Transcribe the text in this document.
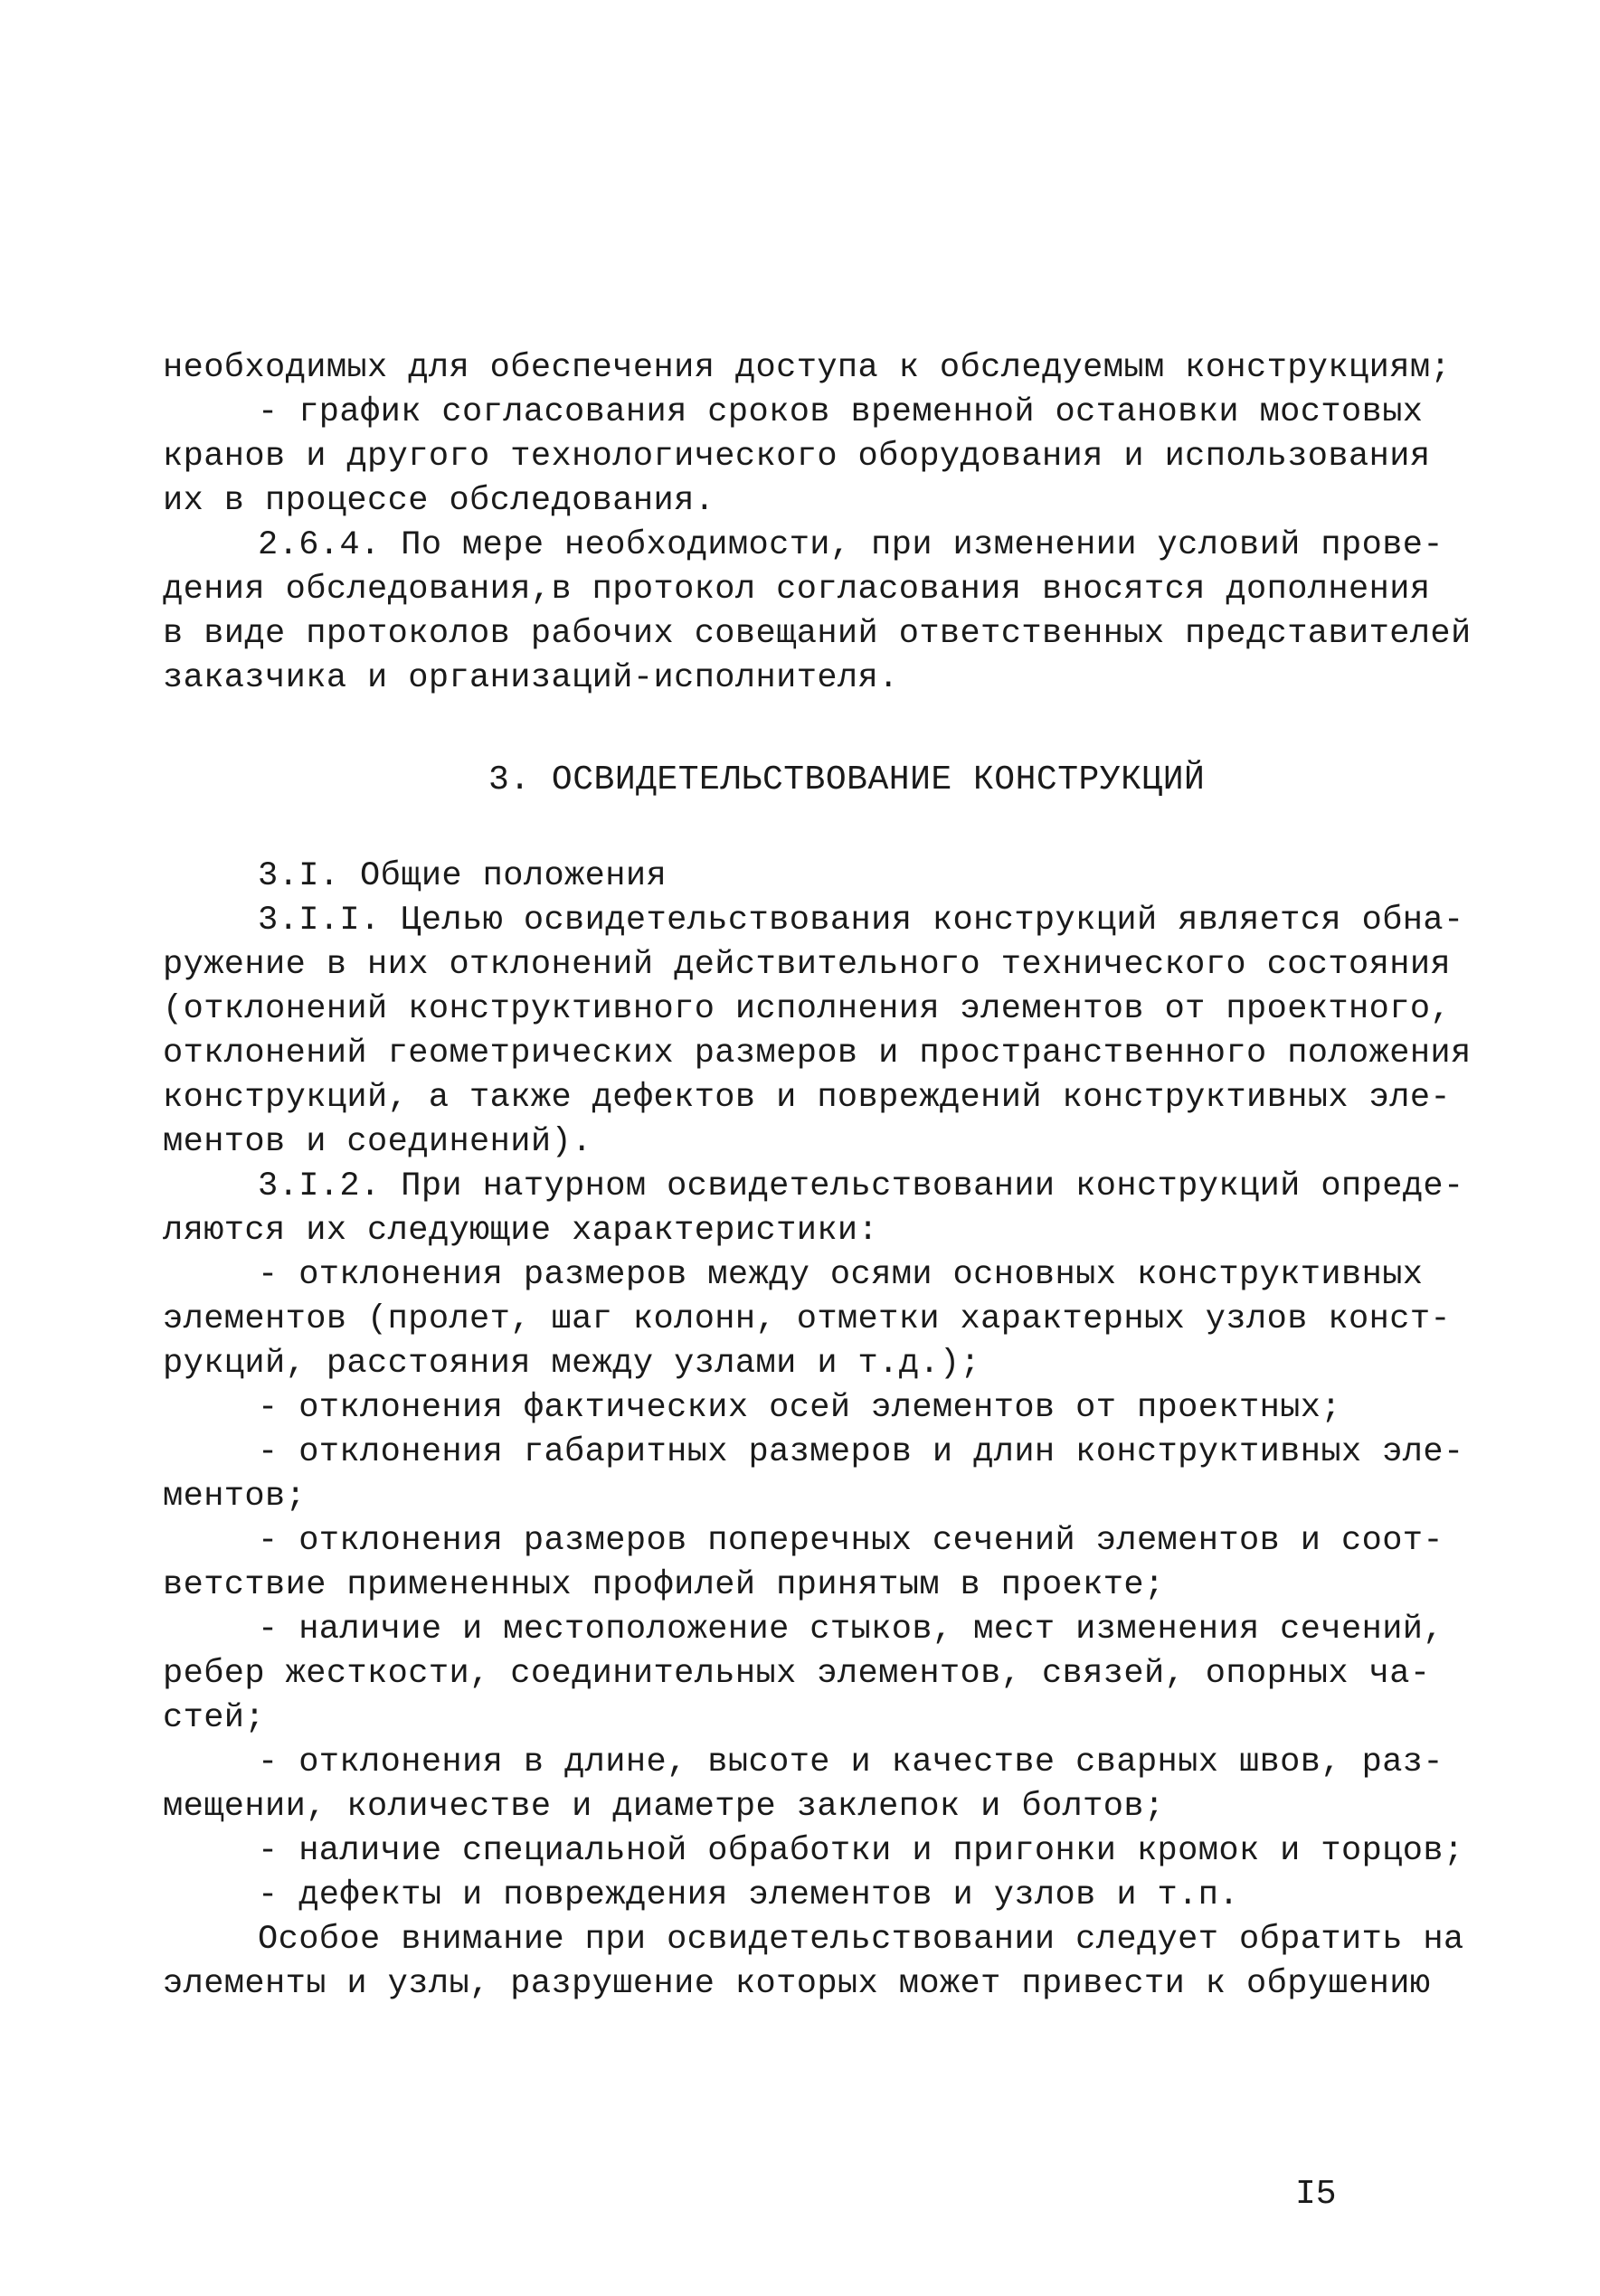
необходимых для обеспечения доступа к обследуемым конструкциям;
- график согласования сроков временной остановки мостовых
кранов и другого технологического оборудования и использования
их в процессе обследования.
2.6.4. По мере необходимости, при изменении условий прове-
дения обследования,в протокол согласования вносятся дополнения
в виде протоколов рабочих совещаний ответственных представителей
заказчика и организаций-исполнителя.
3. ОСВИДЕТЕЛЬСТВОВАНИЕ КОНСТРУКЦИЙ
3.I. Общие положения
3.I.I. Целью освидетельствования конструкций является обна-
ружение в них отклонений действительного технического состояния
(отклонений конструктивного исполнения элементов от проектного,
отклонений геометрических размеров и пространственного положения
конструкций, а также дефектов и повреждений конструктивных эле-
ментов и соединений).
3.I.2. При натурном освидетельствовании конструкций опреде-
ляются их следующие характеристики:
- отклонения размеров между осями основных конструктивных
элементов (пролет, шаг колонн, отметки характерных узлов конст-
рукций, расстояния между узлами и т.д.);
- отклонения фактических осей элементов от проектных;
- отклонения габаритных размеров и длин конструктивных эле-
ментов;
- отклонения размеров поперечных сечений элементов и соот-
ветствие примененных профилей принятым в проекте;
- наличие и местоположение стыков, мест изменения сечений,
ребер жесткости, соединительных элементов, связей, опорных ча-
стей;
- отклонения в длине, высоте и качестве сварных швов, раз-
мещении, количестве и диаметре заклепок и болтов;
- наличие специальной обработки и пригонки кромок и торцов;
- дефекты и повреждения элементов и узлов и т.п.
Особое внимание при освидетельствовании следует обратить на
элементы и узлы, разрушение которых может привести к обрушению
I5
